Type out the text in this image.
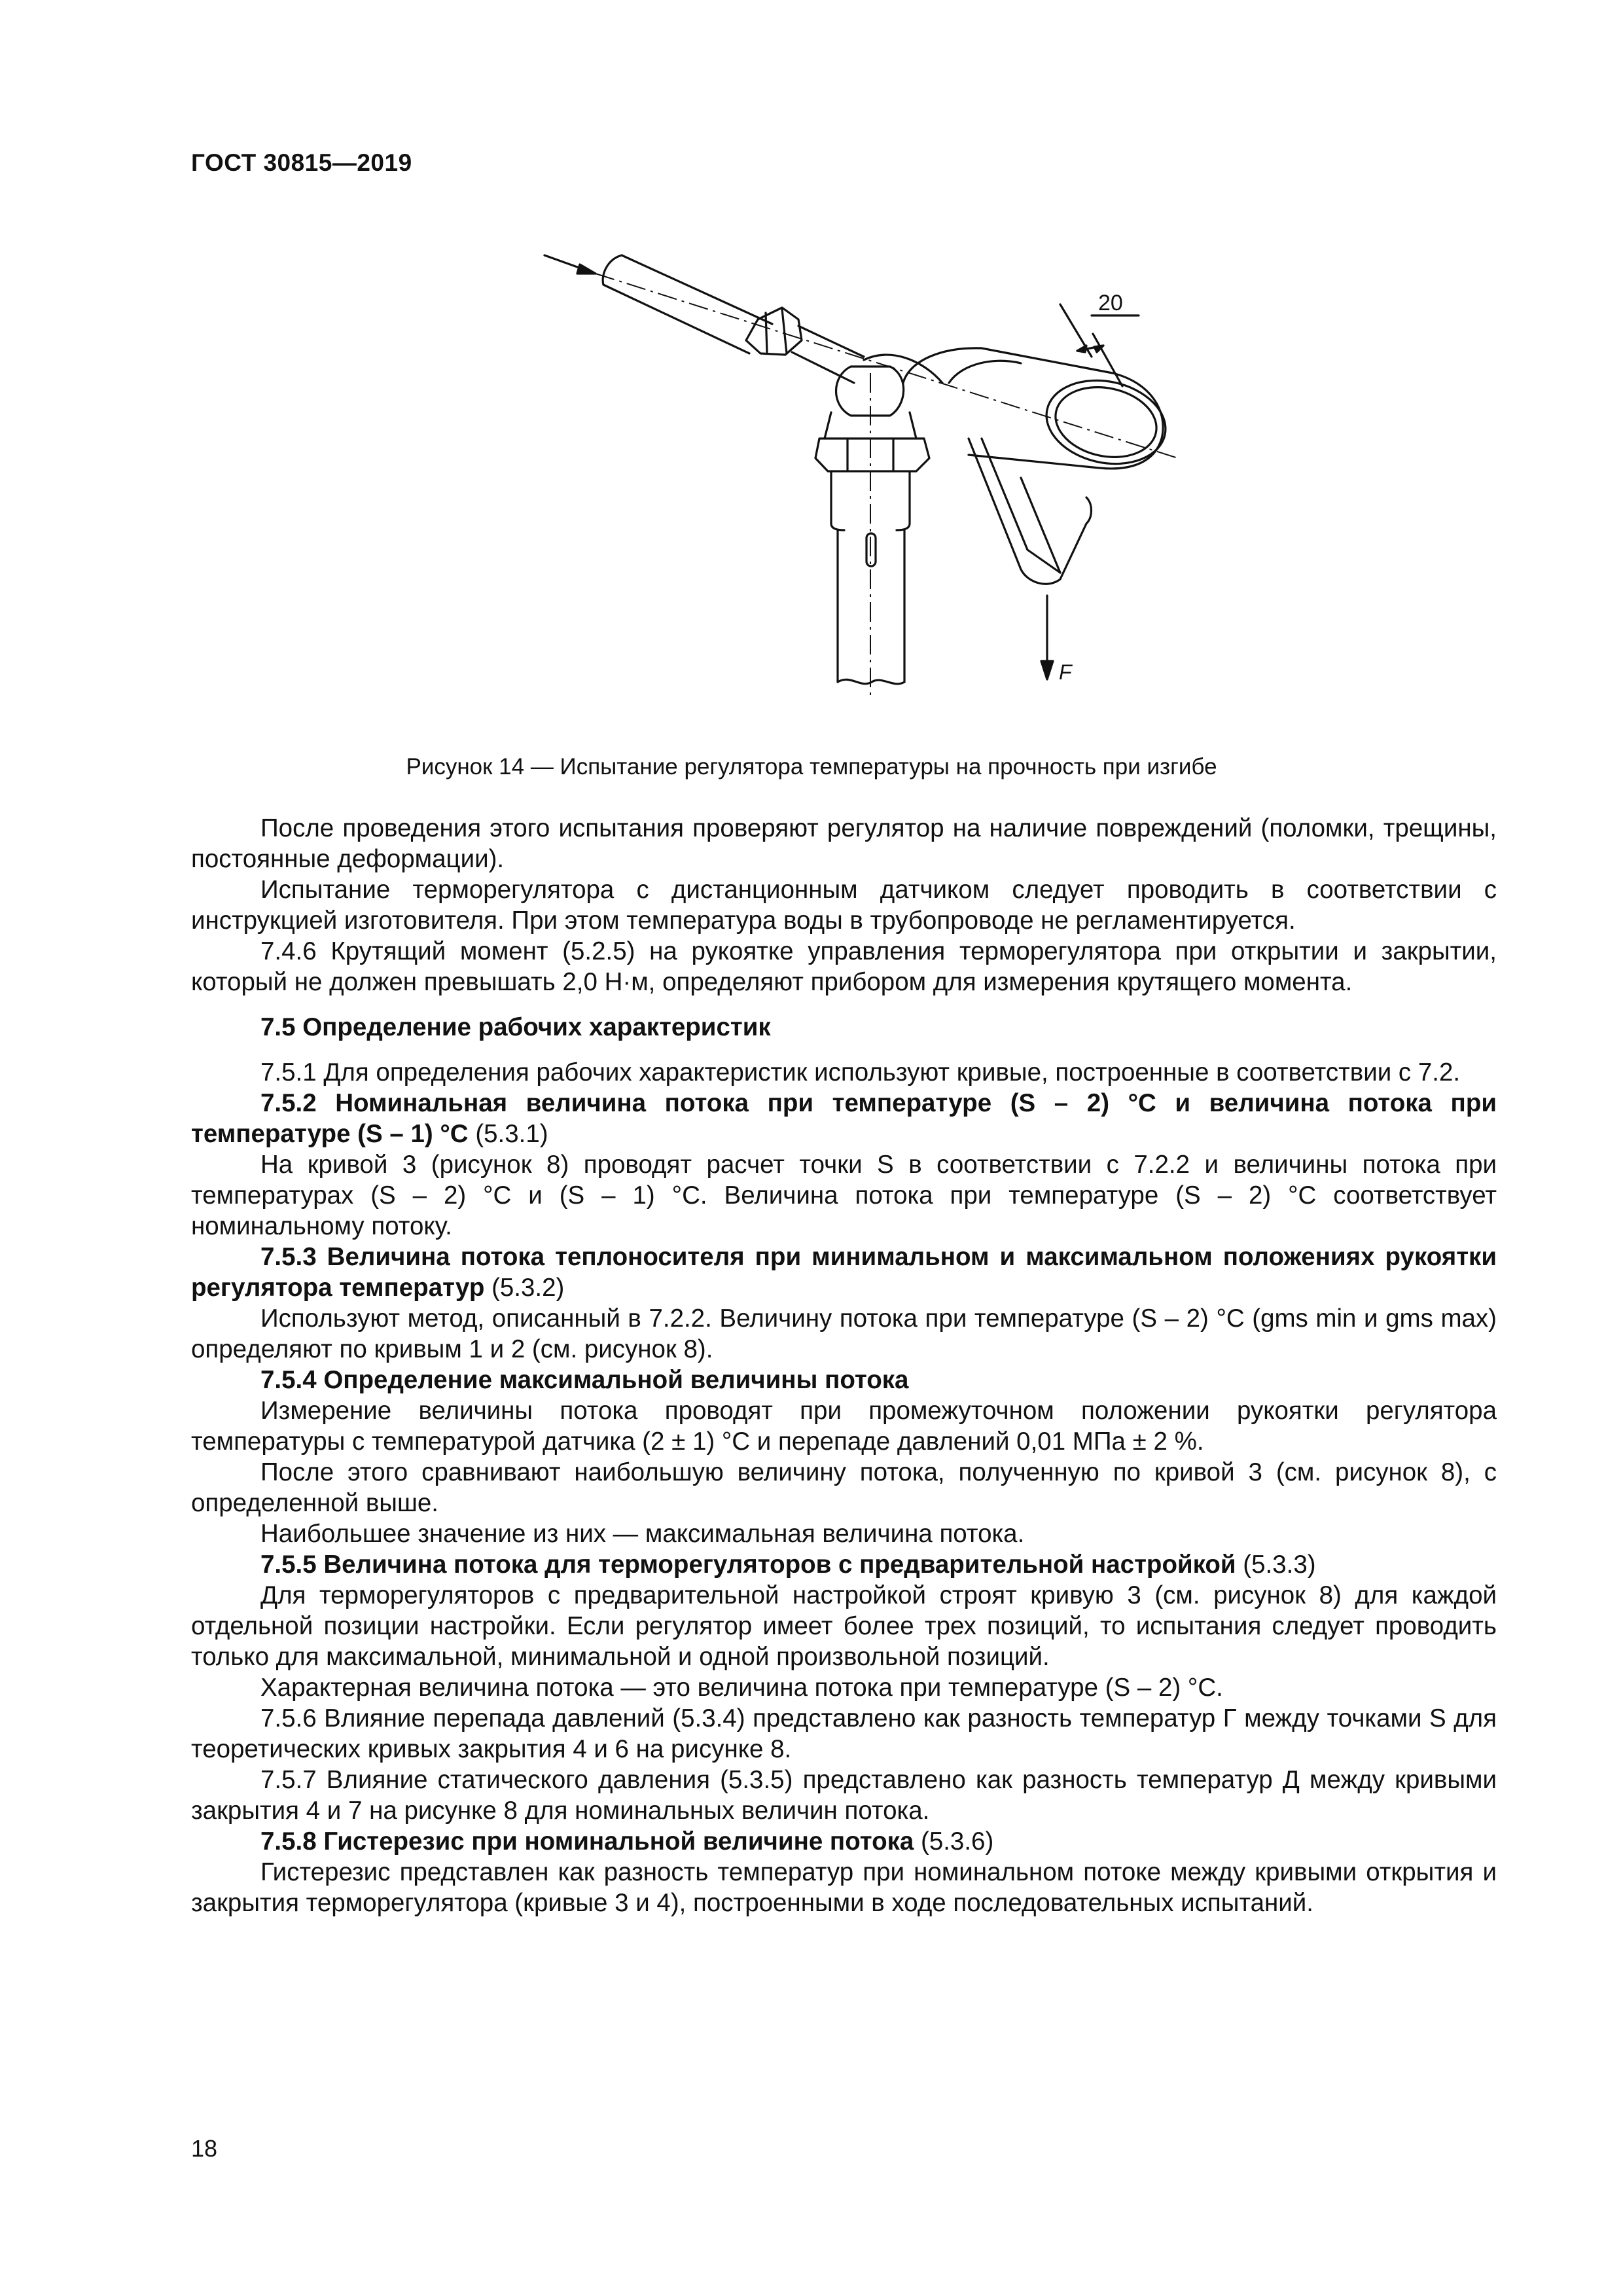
ГОСТ 30815—2019
20
F
Рисунок 14 — Испытание регулятора температуры на прочность при изгибе

После проведения этого испытания проверяют регулятор на наличие повреждений (поломки, трещины, постоянные деформации).

Испытание терморегулятора с дистанционным датчиком следует проводить в соответствии с инструкцией изготовителя. При этом температура воды в трубопроводе не регламентируется.

7.4.6 Крутящий момент (5.2.5) на рукоятке управления терморегулятора при открытии и закрытии, который не должен превышать 2,0 Н·м, определяют прибором для измерения крутящего момента.

7.5 Определение рабочих характеристик

7.5.1 Для определения рабочих характеристик используют кривые, построенные в соответствии с 7.2.

7.5.2 Номинальная величина потока при температуре (S – 2) °С и величина потока при температуре (S – 1) °С (5.3.1)

На кривой 3 (рисунок 8) проводят расчет точки S в соответствии с 7.2.2 и величины потока при температурах (S – 2) °С и (S – 1) °С. Величина потока при температуре (S – 2) °С соответствует номинальному потоку.

7.5.3 Величина потока теплоносителя при минимальном и максимальном положениях рукоятки регулятора температур (5.3.2)

Используют метод, описанный в 7.2.2. Величину потока при температуре (S – 2) °С (gms min и gms max) определяют по кривым 1 и 2 (см. рисунок 8).

7.5.4 Определение максимальной величины потока

Измерение величины потока проводят при промежуточном положении рукоятки регулятора температуры с температурой датчика (2 ± 1) °С и перепаде давлений 0,01 МПа ± 2 %.

После этого сравнивают наибольшую величину потока, полученную по кривой 3 (см. рисунок 8), с определенной выше.

Наибольшее значение из них — максимальная величина потока.

7.5.5 Величина потока для терморегуляторов с предварительной настройкой (5.3.3)

Для терморегуляторов с предварительной настройкой строят кривую 3 (см. рисунок 8) для каждой отдельной позиции настройки. Если регулятор имеет более трех позиций, то испытания следует проводить только для максимальной, минимальной и одной произвольной позиций.

Характерная величина потока — это величина потока при температуре (S – 2) °С.

7.5.6 Влияние перепада давлений (5.3.4) представлено как разность температур Г между точками S для теоретических кривых закрытия 4 и 6 на рисунке 8.

7.5.7 Влияние статического давления (5.3.5) представлено как разность температур Д между кривыми закрытия 4 и 7 на рисунке 8 для номинальных величин потока.

7.5.8 Гистерезис при номинальной величине потока (5.3.6)

Гистерезис представлен как разность температур при номинальном потоке между кривыми открытия и закрытия терморегулятора (кривые 3 и 4), построенными в ходе последовательных испытаний.

18
